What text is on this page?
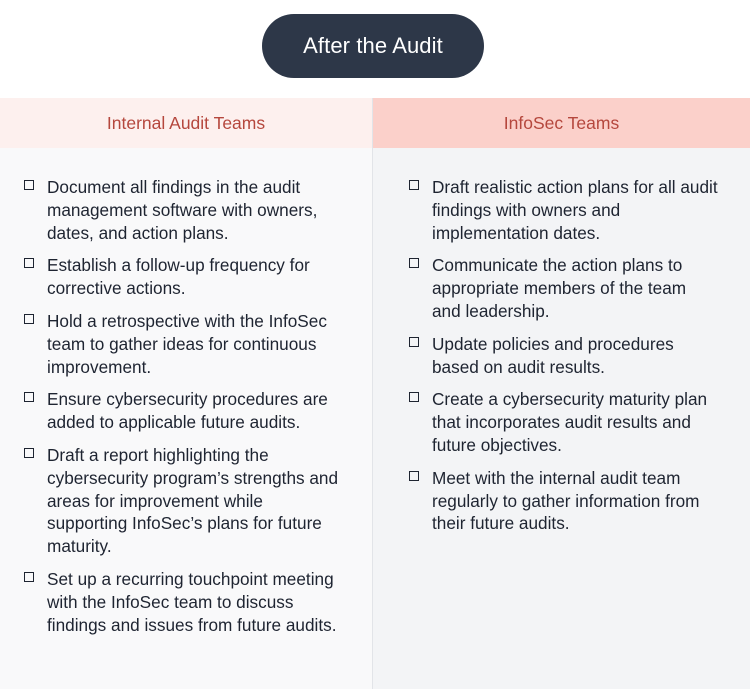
After the Audit
Internal Audit Teams
Document all findings in the audit management software with owners, dates, and action plans.
Establish a follow-up frequency for corrective actions.
Hold a retrospective with the InfoSec team to gather ideas for continuous improvement.
Ensure cybersecurity procedures are added to applicable future audits.
Draft a report highlighting the cybersecurity program’s strengths and areas for improvement while supporting InfoSec’s plans for future maturity.
Set up a recurring touchpoint meeting with the InfoSec team to discuss findings and issues from future audits.
InfoSec Teams
Draft realistic action plans for all audit findings with owners and implementation dates.
Communicate the action plans to appropriate members of the team and leadership.
Update policies and procedures based on audit results.
Create a cybersecurity maturity plan that incorporates audit results and future objectives.
Meet with the internal audit team regularly to gather information from their future audits.
